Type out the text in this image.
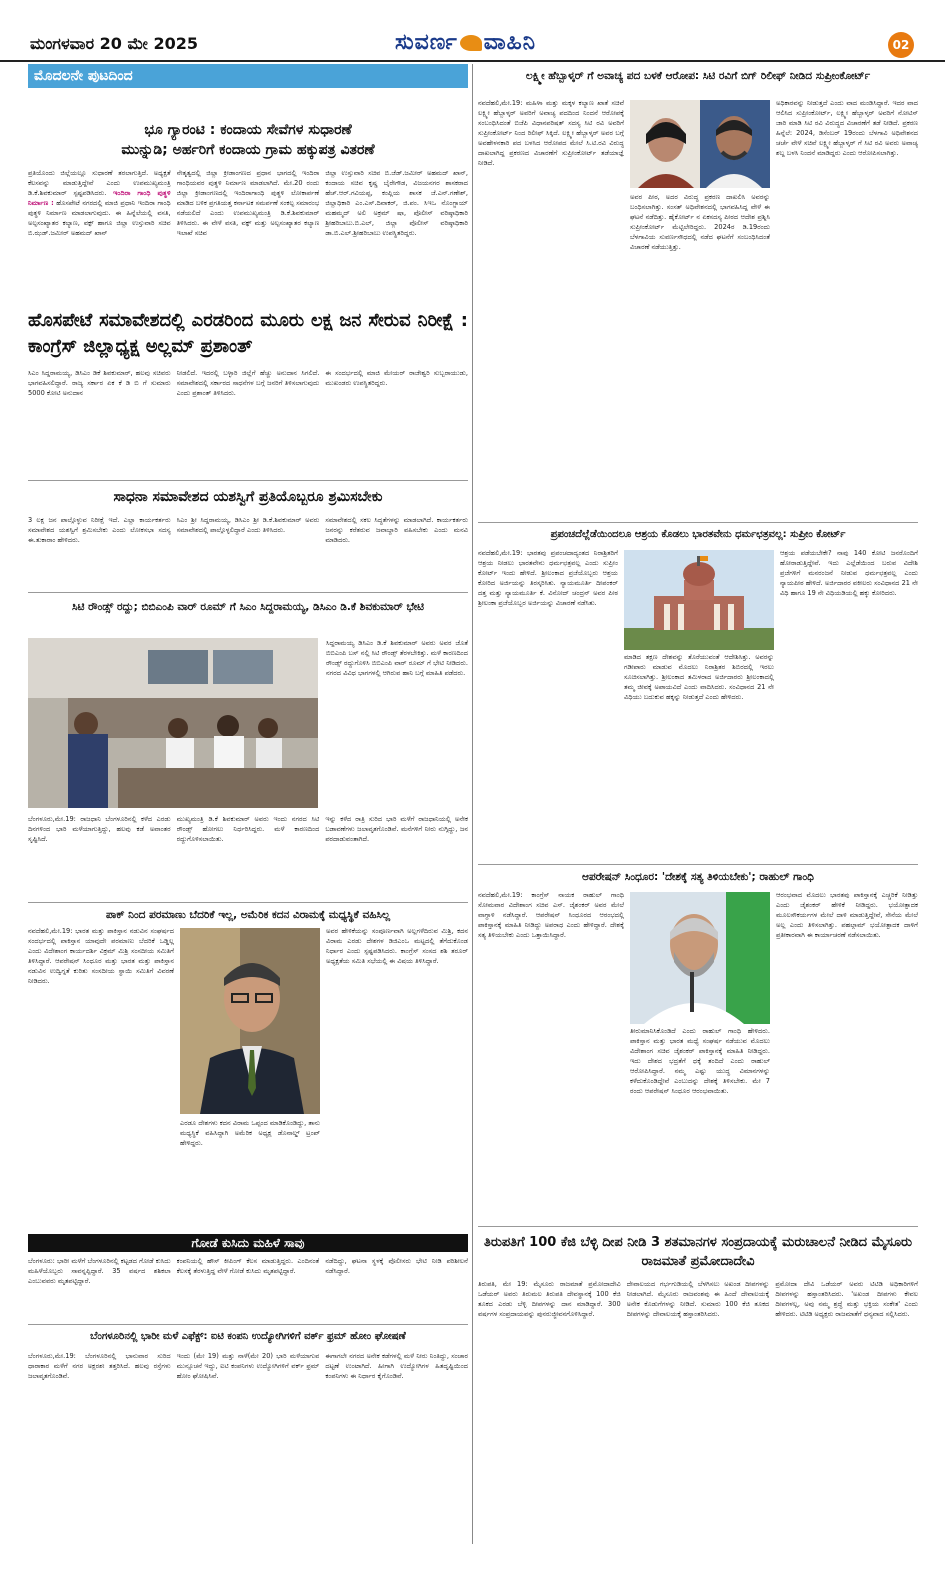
ಮಂಗಳವಾರ 20 ಮೇ 2025	ಸುವರ್ಣ ವಾಹಿನಿ	02
ಮೊದಲನೇ ಪುಟದಿಂದ
ಭೂ ಗ್ಯಾರಂಟಿ : ಕಂದಾಯ ಸೇವೆಗಳ ಸುಧಾರಣೆ
ಮುನ್ನುಡಿ; ಅರ್ಹರಿಗೆ ಕಂದಾಯ ಗ್ರಾಮ ಹಕ್ಕುಪತ್ರ ವಿತರಣೆ
ಪ್ರತಿಯೊಂದು ಜಿಲ್ಲೆಯಲ್ಲೂ ಸುಧಾರಣೆ ತರಲಾಗುತ್ತಿದೆ. ಅಧ್ಯಕ್ಷತೆ ಕೆಲಸವನ್ನು ಮಾಡುತ್ತಿದ್ದೇವೆ ಎಂದು ಉಪಮುಖ್ಯಮಂತ್ರಿ ಡಿ.ಕೆ.ಶಿವಕುಮಾರ್ ಸ್ಪಷ್ಟಪಡಿಸಿದರು. ಇಂದಿರಾ ಗಾಂಧಿ ಪುತ್ಥಳಿ ನಿರ್ಮಾಣ : ಹೊಸಪೇಟೆ ನಗರದಲ್ಲಿ ಮಾಜಿ ಪ್ರಧಾನಿ ಇಂದಿರಾ ಗಾಂಧಿ ಪುತ್ಥಳಿ ನಿರ್ಮಾಣ ಮಾಡಲಾಗುವುದು. ಈ ಹಿನ್ನೆಲೆಯಲ್ಲಿ ವಸತಿ, ಅಲ್ಪಸಂಖ್ಯಾತರ ಕಲ್ಯಾಣ, ವಕ್ಫ್ ಹಾಗೂ ಜಿಲ್ಲಾ ಉಸ್ತುವಾರಿ ಸಚಿವ ಬಿ.ಝಡ್.ಜಮೀರ್ ಅಹಮದ್ ಖಾನ್
ನೇತೃತ್ವದಲ್ಲಿ ಜಿಲ್ಲಾ ಕ್ರೀಡಾಂಗಣದ ಪ್ರಧಾನ ಭಾಗದಲ್ಲಿ ಇಂದಿರಾ ಗಾಂಧಿಯವರ ಪುತ್ಥಳಿ ನಿರ್ಮಾಣ ಮಾಡಲಾಗಿದೆ. ಮೇ.20 ರಂದು ಜಿಲ್ಲಾ ಕ್ರೀಡಾಂಗಣದಲ್ಲಿ ಇಂದಿರಾಗಾಂಧಿ ಪುತ್ಥಳಿ ಲೋಕಾರ್ಪಣೆ ಮಾಡಿದ ಬಳಿಕ ಪ್ರಗತಿಯತ್ತ ಕರ್ನಾಟಕ ಸಮರ್ಪಣೆ ಸಂಕಲ್ಪ ಸಮಾರಂಭ ನಡೆಯಲಿದೆ ಎಂದು ಉಪಮುಖ್ಯಮಂತ್ರಿ ಡಿ.ಕೆ.ಶಿವಕುಮಾರ್ ತಿಳಿಸಿದರು. ಈ ವೇಳೆ ವಸತಿ, ವಕ್ಫ್ ಮತ್ತು ಅಲ್ಪಸಂಖ್ಯಾತರ ಕಲ್ಯಾಣ ಇಲಾಖೆ ಸಚಿವ
ಜಿಲ್ಲಾ ಉಸ್ತುವಾರಿ ಸಚಿವ ಬಿ.ಜೆಡ್.ಜಮೀರ್ ಅಹಮದ್ ಖಾನ್, ಕಂದಾಯ ಸಚಿವ ಕೃಷ್ಣ ಬೈರೇಗೌಡ, ವಿಜಯನಗರ ಶಾಸಕರಾದ ಹೆಚ್.ಆರ್.ಗವಿಯಪ್ಪ, ಕಂಪ್ಲಿಯ ಶಾಸಕ ಜೆ.ಎನ್.ಗಣೇಶ್, ಜಿಲ್ಲಾಧಿಕಾರಿ ಎಂ.ಎಸ್.ದಿವಾಕರ್, ಜಿ.ಪಂ. ಸಿಇಒ ನೊಂಗ್ಜಾಯ್ ಮಹಮ್ಮದ್ ಅಲಿ ಅಕ್ರಮ್ ಷಾ, ಪೊಲೀಸ್ ವರಿಷ್ಠಾಧಿಕಾರಿ ಶ್ರೀಹರಿಬಾಬು.ಬಿ.ಎಲ್, ಜಿಲ್ಲಾ ಪೊಲೀಸ್ ವರಿಷ್ಠಾಧಿಕಾರಿ ಡಾ.ಬಿ.ಎಲ್.ಶ್ರೀಹರಿಬಾಬು ಉಪಸ್ಥಿತರಿದ್ದರು.
ಹೊಸಪೇಟೆ ಸಮಾವೇಶದಲ್ಲಿ ಎರಡರಿಂದ ಮೂರು ಲಕ್ಷ ಜನ ಸೇರುವ ನಿರೀಕ್ಷೆ : ಕಾಂಗ್ರೆಸ್ ಜಿಲ್ಲಾಧ್ಯಕ್ಷ ಅಲ್ಲಮ್ ಪ್ರಶಾಂತ್
ಸಿಎಂ ಸಿದ್ದರಾಮಯ್ಯ, ಡಿಸಿಎಂ ಡಿಕೆ ಶಿವಕುಮಾರ್, ಹಲವು ಸಚಿವರು ಭಾಗವಹಿಸಲಿದ್ದಾರೆ. ರಾಜ್ಯ ಸರ್ಕಾರ ಏಕ ಕೆ ಡಿ ಬಿ ಗೆ ಸುಮಾರು 5000 ಕೋಟಿ ಅನುದಾನ
ನೀಡಲಿದೆ. ಇದರಲ್ಲಿ ಬಳ್ಳಾರಿ ಜಿಲ್ಲೆಗೆ ಹೆಚ್ಚು ಅನುದಾನ ಸಿಗಲಿದೆ. ಸಮಾವೇಶದಲ್ಲಿ ಸರ್ಕಾರದ ಸಾಧನೆಗಳ ಬಗ್ಗೆ ಜನರಿಗೆ ತಿಳಿಸಲಾಗುವುದು ಎಂದು ಪ್ರಶಾಂತ್ ತಿಳಿಸಿದರು.
ಈ ಸಂದರ್ಭದಲ್ಲಿ ಮಾಜಿ ಮೇಯರ್ ರಾಜೇಶ್ವರಿ ಸುಬ್ಬರಾಯುಡು, ಮುಖಂಡರು ಉಪಸ್ಥಿತರಿದ್ದರು.
ಸಾಧನಾ ಸಮಾವೇಶದ ಯಶಸ್ವಿಗೆ ಪ್ರತಿಯೊಬ್ಬರೂ ಶ್ರಮಿಸಬೇಕು
3 ಲಕ್ಷ ಜನ ಪಾಲ್ಗೊಳ್ಳುವ ನಿರೀಕ್ಷೆ ಇದೆ. ಎಲ್ಲಾ ಕಾರ್ಯಕರ್ತರು ಸಮಾವೇಶದ ಯಶಸ್ವಿಗೆ ಶ್ರಮಿಸಬೇಕು ಎಂದು ಲೋಕಸಭಾ ಸದಸ್ಯ ಈ.ತುಕಾರಾಂ ಹೇಳಿದರು.
ಸಿಎಂ ಶ್ರೀ ಸಿದ್ದರಾಮಯ್ಯ, ಡಿಸಿಎಂ ಶ್ರೀ ಡಿ.ಕೆ.ಶಿವಕುಮಾರ್ ಅವರು ಸಮಾವೇಶದಲ್ಲಿ ಪಾಲ್ಗೊಳ್ಳಲಿದ್ದಾರೆ ಎಂದು ತಿಳಿಸಿದರು.
ಸಮಾವೇಶದಲ್ಲಿ ಸಕಲ ಸಿದ್ಧತೆಗಳನ್ನು ಮಾಡಲಾಗಿದೆ. ಕಾರ್ಯಕರ್ತರು ಜನರನ್ನು ಕರೆತರುವ ಜವಾಬ್ದಾರಿ ವಹಿಸಬೇಕು ಎಂದು ಮನವಿ ಮಾಡಿದರು.
ಸಿಟಿ ರೌಂಡ್ಸ್ ರದ್ದು; ಬಿಬಿಎಂಪಿ ವಾರ್ ರೂಮ್ ಗೆ ಸಿಎಂ ಸಿದ್ದರಾಮಯ್ಯ, ಡಿಸಿಎಂ ಡಿ.ಕೆ ಶಿವಕುಮಾರ್ ಭೇಟಿ
ಸಿದ್ದರಾಮಯ್ಯ ಡಿಸಿಎಂ ಡಿ.ಕೆ ಶಿವಕುಮಾರ್ ಅವರು ಅವರ ಜೊತೆ ಬಿಬಿಎಂಪಿ ಬಸ್ ನಲ್ಲಿ ಸಿಟಿ ರೌಂಡ್ಸ್ ತೆರಳಬೇಕಿತ್ತು. ಮಳೆ ಕಾರಣದಿಂದ ರೌಂಡ್ಸ್ ರದ್ದುಗೊಳಿಸಿ ಬಿಬಿಎಂಪಿ ವಾರ್ ರೂಮ್ ಗೆ ಭೇಟಿ ನೀಡಿದರು. ನಗರದ ವಿವಿಧ ಭಾಗಗಳಲ್ಲಿ ಆಗಿರುವ ಹಾನಿ ಬಗ್ಗೆ ಮಾಹಿತಿ ಪಡೆದರು.
ಬೆಂಗಳೂರು,ಮೇ.19: ರಾಜಧಾನಿ ಬೆಂಗಳೂರಿನಲ್ಲಿ ಕಳೆದ ಎರಡು ದಿನಗಳಿಂದ ಭಾರಿ ಮಳೆಯಾಗುತ್ತಿದ್ದು, ಹಲವು ಕಡೆ ಅವಾಂತರ ಸೃಷ್ಟಿಸಿದೆ.
ಮುಖ್ಯಮಂತ್ರಿ ಡಿ.ಕೆ ಶಿವಕುಮಾರ್ ಅವರು ಇಂದು ನಗರದ ಸಿಟಿ ರೌಂಡ್ಸ್ ಹೋಗಲು ನಿರ್ಧರಿಸಿದ್ದರು. ಮಳೆ ಕಾರಣದಿಂದ ರದ್ದುಗೊಳಿಸಲಾಯಿತು.
ಇನ್ನು ಕಳೆದ ರಾತ್ರಿ ಸುರಿದ ಭಾರಿ ಮಳೆಗೆ ರಾಜಧಾನಿಯಲ್ಲಿ ಅನೇಕ ಬಡಾವಣೆಗಳು ಜಲಾವೃತಗೊಂಡಿವೆ. ಮನೆಗಳಿಗೆ ನೀರು ನುಗ್ಗಿದ್ದು, ಜನ ಪರದಾಡುವಂತಾಗಿದೆ.
ಪಾಕ್ ನಿಂದ ಪರಮಾಣು ಬೆದರಿಕೆ ಇಲ್ಲ, ಅಮೆರಿಕ ಕದನ ವಿರಾಮಕ್ಕೆ ಮಧ್ಯಸ್ಥಿಕೆ ವಹಿಸಿಲ್ಲ
ನವದೆಹಲಿ,ಮೇ.19: ಭಾರತ ಮತ್ತು ಪಾಕಿಸ್ತಾನ ನಡುವಿನ ಸಂಘರ್ಷದ ಸಂದರ್ಭದಲ್ಲಿ ಪಾಕಿಸ್ತಾನ ಯಾವುದೇ ಪರಮಾಣು ಬೆದರಿಕೆ ಒಡ್ಡಿಲ್ಲ ಎಂದು ವಿದೇಶಾಂಗ ಕಾರ್ಯದರ್ಶಿ ವಿಕ್ರಮ್ ಮಿಶ್ರಿ ಸಂಸದೀಯ ಸಮಿತಿಗೆ ತಿಳಿಸಿದ್ದಾರೆ. ಆಪರೇಷನ್ ಸಿಂಧೂರ ಮತ್ತು ಭಾರತ ಮತ್ತು ಪಾಕಿಸ್ತಾನ ನಡುವಿನ ಉದ್ವಿಗ್ನತೆ ಕುರಿತು ಸಂಸದೀಯ ಸ್ಥಾಯಿ ಸಮಿತಿಗೆ ವಿವರಣೆ ನೀಡಿದರು.
ಎರಡೂ ದೇಶಗಳು ಕದನ ವಿರಾಮ ಒಪ್ಪಂದ ಮಾಡಿಕೊಂಡಿದ್ದು, ತಾನು ಮಧ್ಯಸ್ಥಿಕೆ ವಹಿಸಿದ್ದಾಗಿ ಅಮೆರಿಕ ಅಧ್ಯಕ್ಷ ಡೊನಾಲ್ಡ್ ಟ್ರಂಪ್ ಹೇಳಿದ್ದರು.
ಅವರ ಹೇಳಿಕೆಯನ್ನು ಸಂಪೂರ್ಣವಾಗಿ ಅಲ್ಲಗಳೆದಿರುವ ಮಿಶ್ರಿ, ಕದನ ವಿರಾಮ ಎರಡು ದೇಶಗಳ ಡಿಜಿಎಂಒ ಮಟ್ಟದಲ್ಲಿ ತೆಗೆದುಕೊಂಡ ನಿರ್ಧಾರ ಎಂದು ಸ್ಪಷ್ಟಪಡಿಸಿದರು. ಕಾಂಗ್ರೆಸ್ ಸಂಸದ ಶಶಿ ತರೂರ್ ಅಧ್ಯಕ್ಷತೆಯ ಸಮಿತಿ ಸಭೆಯಲ್ಲಿ ಈ ವಿಷಯ ತಿಳಿಸಿದ್ದಾರೆ.
ಗೋಡೆ ಕುಸಿದು ಮಹಿಳೆ ಸಾವು
ಬೆಂಗಳೂರು: ಭಾರೀ ಮಳೆಗೆ ಬೆಂಗಳೂರಿನಲ್ಲಿ ಕಟ್ಟಡದ ಗೋಡೆ ಕುಸಿದು ಮಹಿಳೆಯೊಬ್ಬರು ಸಾವನ್ನಪ್ಪಿದ್ದಾರೆ. 35 ವರ್ಷದ ಶಶಿಕಲಾ ಎಂಬುವವರು ಮೃತಪಟ್ಟಿದ್ದಾರೆ.
ಕಂಪನಿಯಲ್ಲಿ ಹೌಸ್ ಕೀಪಿಂಗ್ ಕೆಲಸ ಮಾಡುತ್ತಿದ್ದರು. ಎಂದಿನಂತೆ ಕೆಲಸಕ್ಕೆ ತೆರಳುತ್ತಿದ್ದ ವೇಳೆ ಗೋಡೆ ಕುಸಿದು ಮೃತಪಟ್ಟಿದ್ದಾರೆ.
ನಡೆದಿದ್ದು, ಘಟನಾ ಸ್ಥಳಕ್ಕೆ ಪೊಲೀಸರು ಭೇಟಿ ನೀಡಿ ಪರಿಶೀಲನೆ ನಡೆಸಿದ್ದಾರೆ.
ಬೆಂಗಳೂರಿನಲ್ಲಿ ಭಾರೀ ಮಳೆ ಎಫೆಕ್ಟ್: ಐಟಿ ಕಂಪನಿ ಉದ್ಯೋಗಿಗಳಿಗೆ ವರ್ಕ್ ಫ್ರಮ್ ಹೋಂ ಘೋಷಣೆ
ಬೆಂಗಳೂರು,ಮೇ.19: ಬೆಂಗಳೂರಿನಲ್ಲಿ ಭಾನುವಾರ ಸುರಿದ ಧಾರಾಕಾರ ಮಳೆಗೆ ನಗರ ಅಕ್ಷರಶಃ ತತ್ತರಿಸಿದೆ. ಹಲವು ರಸ್ತೆಗಳು ಜಲಾವೃತಗೊಂಡಿವೆ.
ಇಂದು (ಮೇ 19) ಮತ್ತು ನಾಳೆ(ಮೇ 20) ಭಾರಿ ಮಳೆಯಾಗುವ ಮುನ್ಸೂಚನೆ ಇದ್ದು, ಐಟಿ ಕಂಪನಿಗಳು ಉದ್ಯೋಗಿಗಳಿಗೆ ವರ್ಕ್ ಫ್ರಮ್ ಹೋಂ ಘೋಷಿಸಿವೆ.
ಈಗಾಗಲೇ ನಗರದ ಅನೇಕ ಕಡೆಗಳಲ್ಲಿ ಮಳೆ ನೀರು ನಿಂತಿದ್ದು, ಸಂಚಾರ ದಟ್ಟಣೆ ಉಂಟಾಗಿದೆ. ಹೀಗಾಗಿ ಉದ್ಯೋಗಿಗಳ ಹಿತದೃಷ್ಟಿಯಿಂದ ಕಂಪನಿಗಳು ಈ ನಿರ್ಧಾರ ಕೈಗೊಂಡಿವೆ.
ಲಕ್ಷ್ಮೀ ಹೆಬ್ಬಾಳ್ಕರ್ ಗೆ ಅವಾಚ್ಯ ಪದ ಬಳಕೆ ಆರೋಪ: ಸಿಟಿ ರವಿಗೆ ಬಿಗ್ ರಿಲೀಫ್ ನೀಡಿದ ಸುಪ್ರೀಂಕೋರ್ಟ್
ನವದೆಹಲಿ,ಮೇ.19: ಮಹಿಳಾ ಮತ್ತು ಮಕ್ಕಳ ಕಲ್ಯಾಣ ಖಾತೆ ಸಚಿವೆ ಲಕ್ಷ್ಮೀ ಹೆಬ್ಬಾಳ್ಕರ್ ಅವರಿಗೆ ಅವಾಚ್ಯ ಪದದಿಂದ ನಿಂದನೆ ಆರೋಪಕ್ಕೆ ಸಂಬಂಧಿಸಿದಂತೆ ಬಿಜೆಪಿ ವಿಧಾನಪರಿಷತ್ ಸದಸ್ಯ ಸಿಟಿ ರವಿ ಅವರಿಗೆ ಸುಪ್ರೀಂಕೋರ್ಟ್ ನಿಂದ ರಿಲೀಫ್ ಸಿಕ್ಕಿದೆ. ಲಕ್ಷ್ಮೀ ಹೆಬ್ಬಾಳ್ಕರ್ ಅವರ ಬಗ್ಗೆ ಅವಹೇಳನಕಾರಿ ಪದ ಬಳಸಿದ ಆರೋಪದ ಮೇಲೆ ಸಿ.ಟಿ.ರವಿ ವಿರುದ್ಧ ದಾಖಲಾಗಿದ್ದ ಪ್ರಕರಣದ ವಿಚಾರಣೆಗೆ ಸುಪ್ರೀಂಕೋರ್ಟ್ ತಡೆಯಾಜ್ಞೆ ನೀಡಿದೆ.
ಅವರ ಪೀಠ, ಅದರ ವಿರುದ್ಧ ಪ್ರಕರಣ ದಾಖಲಿಸಿ ಅವರನ್ನು ಬಂಧಿಸಲಾಗಿತ್ತು. ಸಂಸತ್ ಅಧಿವೇಶನದಲ್ಲಿ ಭಾಗವಹಿಸಿದ್ದ ವೇಳೆ ಈ ಘಟನೆ ನಡೆದಿತ್ತು. ಹೈಕೋರ್ಟ್ ನ ಏಕಸದಸ್ಯ ಪೀಠದ ಆದೇಶ ಪ್ರಶ್ನಿಸಿ ಸುಪ್ರೀಂಕೋರ್ಟ್ ಮೆಟ್ಟಿಲೇರಿದ್ದರು. 2024ರ ಡಿ.19ರಂದು ಬೆಳಗಾವಿಯ ಸುವರ್ಣಸೌಧದಲ್ಲಿ ನಡೆದ ಘಟನೆಗೆ ಸಂಬಂಧಿಸಿದಂತೆ ವಿಚಾರಣೆ ನಡೆಯುತ್ತಿತ್ತು.
ಅಧಿಕಾರವನ್ನು ನೀಡುತ್ತದೆ ಎಂದು ವಾದ ಮಂಡಿಸಿದ್ದಾರೆ. ಇದರ ವಾದ ಆಲಿಸಿದ ಸುಪ್ರೀಂಕೋರ್ಟ್, ಲಕ್ಷ್ಮೀ ಹೆಬ್ಬಾಳ್ಕರ್ ಅವರಿಗೆ ನೋಟಿಸ್ ಜಾರಿ ಮಾಡಿ ಸಿಟಿ ರವಿ ವಿರುದ್ಧದ ವಿಚಾರಣೆಗೆ ತಡೆ ನೀಡಿದೆ. ಪ್ರಕರಣ ಹಿನ್ನೆಲೆ: 2024, ಡಿಸೆಂಬರ್ 19ರಂದು ಬೆಳಗಾವಿ ಅಧಿವೇಶನದ ಚರ್ಚೆ ವೇಳೆ ಸಚಿವೆ ಲಕ್ಷ್ಮೀ ಹೆಬ್ಬಾಳ್ಕರ್ ಗೆ ಸಿಟಿ ರವಿ ಅವರು ಅವಾಚ್ಯ ಶಬ್ದ ಬಳಸಿ ನಿಂದನೆ ಮಾಡಿದ್ದರು ಎಂದು ಆರೋಪಿಸಲಾಗಿತ್ತು.
ಪ್ರಪಂಚದೆಲ್ಲೆಡೆಯಿಂದಲೂ ಆಶ್ರಯ ಕೊಡಲು ಭಾರತವೇನು ಧರ್ಮಛತ್ರವಲ್ಲ: ಸುಪ್ರೀಂ ಕೋರ್ಟ್
ನವದೆಹಲಿ,ಮೇ.19: ಭಾರತವು ಪ್ರಪಂಚದಾದ್ಯಂತದ ನಿರಾಶ್ರಿತರಿಗೆ ಆಶ್ರಯ ನೀಡಲು ಭಾರತವೇನು ಧರ್ಮಛತ್ರವಲ್ಲ ಎಂದು ಸುಪ್ರೀಂ ಕೋರ್ಟ್ ಇಂದು ಹೇಳಿದೆ. ಶ್ರೀಲಂಕಾದ ಪ್ರಜೆಯೊಬ್ಬರು ಆಶ್ರಯ ಕೋರಿದ ಅರ್ಜಿಯನ್ನು ತಿರಸ್ಕರಿಸಿತು. ನ್ಯಾಯಮೂರ್ತಿ ದೀಪಂಕರ್ ದತ್ತ ಮತ್ತು ನ್ಯಾಯಮೂರ್ತಿ ಕೆ. ವಿನೋದ್ ಚಂದ್ರನ್ ಅವರ ಪೀಠ ಶ್ರೀಲಂಕಾ ಪ್ರಜೆಯೊಬ್ಬರ ಅರ್ಜಿಯನ್ನು ವಿಚಾರಣೆ ನಡೆಸಿತು.
ಮಾಡಿದ ತಕ್ಷಣ ದೇಶವನ್ನು ತೊರೆಯುವಂತೆ ಆದೇಶಿಸಿತ್ತು. ಅವರನ್ನು ಗಡೀಪಾರು ಮಾಡುವ ಮೊದಲು ನಿರಾಶ್ರಿತರ ಶಿಬಿರದಲ್ಲಿ ಇರಲು ಸೂಚಿಸಲಾಗಿತ್ತು. ಶ್ರೀಲಂಕಾದ ತಮಿಳರಾದ ಅರ್ಜಿದಾರರು ಶ್ರೀಲಂಕಾದಲ್ಲಿ ತಮ್ಮ ಜೀವಕ್ಕೆ ಅಪಾಯವಿದೆ ಎಂದು ವಾದಿಸಿದರು. ಸಂವಿಧಾನದ 21 ನೇ ವಿಧಿಯು ಬದುಕುವ ಹಕ್ಕನ್ನು ನೀಡುತ್ತದೆ ಎಂದು ಹೇಳಿದರು.
ಆಶ್ರಯ ಪಡೆಯಬೇಕೇ? ನಾವು 140 ಕೋಟಿ ಜನರೊಂದಿಗೆ ಹೋರಾಡುತ್ತಿದ್ದೇವೆ. ಇದು ಎಲ್ಲೆಡೆಯಿಂದ ಬರುವ ವಿದೇಶಿ ಪ್ರಜೆಗಳಿಗೆ ಮನರಂಜನೆ ನೀಡುವ ಧರ್ಮಛತ್ರವಲ್ಲ ಎಂದು ನ್ಯಾಯಪೀಠ ಹೇಳಿದೆ. ಅರ್ಜಿದಾರರ ವಕೀಲರು ಸಂವಿಧಾನದ 21 ನೇ ವಿಧಿ ಹಾಗೂ 19 ನೇ ವಿಧಿಯಡಿಯಲ್ಲಿ ಹಕ್ಕು ಕೋರಿದರು.
ಆಪರೇಷನ್ ಸಿಂಧೂರ: 'ದೇಶಕ್ಕೆ ಸತ್ಯ ತಿಳಿಯಬೇಕು'; ರಾಹುಲ್ ಗಾಂಧಿ
ನವದೆಹಲಿ,ಮೇ.19: ಕಾಂಗ್ರೆಸ್ ನಾಯಕ ರಾಹುಲ್ ಗಾಂಧಿ ಸೋಮವಾರ ವಿದೇಶಾಂಗ ಸಚಿವ ಎಸ್. ಜೈಶಂಕರ್ ಅವರ ಮೇಲೆ ವಾಗ್ದಾಳಿ ನಡೆಸಿದ್ದಾರೆ. ಆಪರೇಷನ್ ಸಿಂಧೂರದ ಆರಂಭದಲ್ಲಿ ಪಾಕಿಸ್ತಾನಕ್ಕೆ ಮಾಹಿತಿ ನೀಡಿದ್ದು ಅಪರಾಧ ಎಂದು ಹೇಳಿದ್ದಾರೆ. ದೇಶಕ್ಕೆ ಸತ್ಯ ತಿಳಿಯಬೇಕು ಎಂದು ಒತ್ತಾಯಿಸಿದ್ದಾರೆ.
ತೀರುಮಾನಿಸಿಕೊಂಡಿದೆ ಎಂದು ರಾಹುಲ್ ಗಾಂಧಿ ಹೇಳಿದರು. ಪಾಕಿಸ್ತಾನ ಮತ್ತು ಭಾರತ ಮಧ್ಯೆ ಸಂಘರ್ಷ ನಡೆಯುವ ಮೊದಲು ವಿದೇಶಾಂಗ ಸಚಿವ ಜೈಶಂಕರ್ ಪಾಕಿಸ್ತಾನಕ್ಕೆ ಮಾಹಿತಿ ನೀಡಿದ್ದರು. ಇದು ದೇಶದ ಭದ್ರತೆಗೆ ಧಕ್ಕೆ ತಂದಿದೆ ಎಂದು ರಾಹುಲ್ ಆರೋಪಿಸಿದ್ದಾರೆ. ನಮ್ಮ ಎಷ್ಟು ಯುದ್ಧ ವಿಮಾನಗಳನ್ನು ಕಳೆದುಕೊಂಡಿದ್ದೇವೆ ಎಂಬುದನ್ನು ದೇಶಕ್ಕೆ ತಿಳಿಸಬೇಕು. ಮೇ 7 ರಂದು ಆಪರೇಷನ್ ಸಿಂಧೂರ ಆರಂಭವಾಯಿತು.
ಆರಂಭವಾದ ಮೊದಲು ಭಾರತವು ಪಾಕಿಸ್ತಾನಕ್ಕೆ ಎಚ್ಚರಿಕೆ ನೀಡಿತ್ತು ಎಂದು ಜೈಶಂಕರ್ ಹೇಳಿಕೆ ನೀಡಿದ್ದರು. ಭಯೋತ್ಪಾದಕ ಮೂಲಸೌಕರ್ಯಗಳ ಮೇಲೆ ದಾಳಿ ಮಾಡುತ್ತಿದ್ದೇವೆ, ಸೇನೆಯ ಮೇಲೆ ಅಲ್ಲ ಎಂದು ತಿಳಿಸಲಾಗಿತ್ತು. ಪಹಲ್ಗಾಮ್ ಭಯೋತ್ಪಾದಕ ದಾಳಿಗೆ ಪ್ರತೀಕಾರವಾಗಿ ಈ ಕಾರ್ಯಾಚರಣೆ ನಡೆಸಲಾಯಿತು.
ತಿರುಪತಿಗೆ 100 ಕೆಜಿ ಬೆಳ್ಳಿ ದೀಪ ನೀಡಿ 3 ಶತಮಾನಗಳ ಸಂಪ್ರದಾಯಕ್ಕೆ ಮರುಚಾಲನೆ ನೀಡಿದ ಮೈಸೂರು ರಾಜಮಾತೆ ಪ್ರಮೋದಾದೇವಿ
ತಿರುಪತಿ, ಮೇ 19: ಮೈಸೂರು ರಾಜಮಾತೆ ಪ್ರಮೋದಾದೇವಿ ಒಡೆಯರ್ ಅವರು ತಿರುಮಲ ತಿರುಪತಿ ದೇವಸ್ಥಾನಕ್ಕೆ 100 ಕೆಜಿ ತೂಕದ ಎರಡು ಬೆಳ್ಳಿ ದೀಪಗಳನ್ನು ದಾನ ಮಾಡಿದ್ದಾರೆ. 300 ವರ್ಷಗಳ ಸಂಪ್ರದಾಯವನ್ನು ಪುನರುಜ್ಜೀವನಗೊಳಿಸಿದ್ದಾರೆ.
ದೇವಾಲಯದ ಗರ್ಭಗುಡಿಯಲ್ಲಿ ಬೆಳಗಿಸಲು ಅಖಂಡ ದೀಪಗಳನ್ನು ನೀಡಲಾಗಿದೆ. ಮೈಸೂರು ರಾಜವಂಶವು ಈ ಹಿಂದೆ ದೇವಾಲಯಕ್ಕೆ ಅನೇಕ ಕೊಡುಗೆಗಳನ್ನು ನೀಡಿದೆ. ಸುಮಾರು 100 ಕೆಜಿ ತೂಕದ ದೀಪಗಳನ್ನು ದೇವಾಲಯಕ್ಕೆ ಹಸ್ತಾಂತರಿಸಿದರು.
ಪ್ರಮೋದಾ ದೇವಿ ಒಡೆಯರ್ ಅವರು ಟಿಟಿಡಿ ಅಧಿಕಾರಿಗಳಿಗೆ ದೀಪಗಳನ್ನು ಹಸ್ತಾಂತರಿಸಿದರು. 'ಅಖಂಡ ದೀಪಗಳು ಕೇವಲ ದೀಪಗಳಲ್ಲ, ಅವು ನಮ್ಮ ಶ್ರದ್ಧೆ ಮತ್ತು ಭಕ್ತಿಯ ಸಂಕೇತ' ಎಂದು ಹೇಳಿದರು. ಟಿಟಿಡಿ ಅಧ್ಯಕ್ಷರು ರಾಜಮಾತೆಗೆ ಧನ್ಯವಾದ ಸಲ್ಲಿಸಿದರು.
